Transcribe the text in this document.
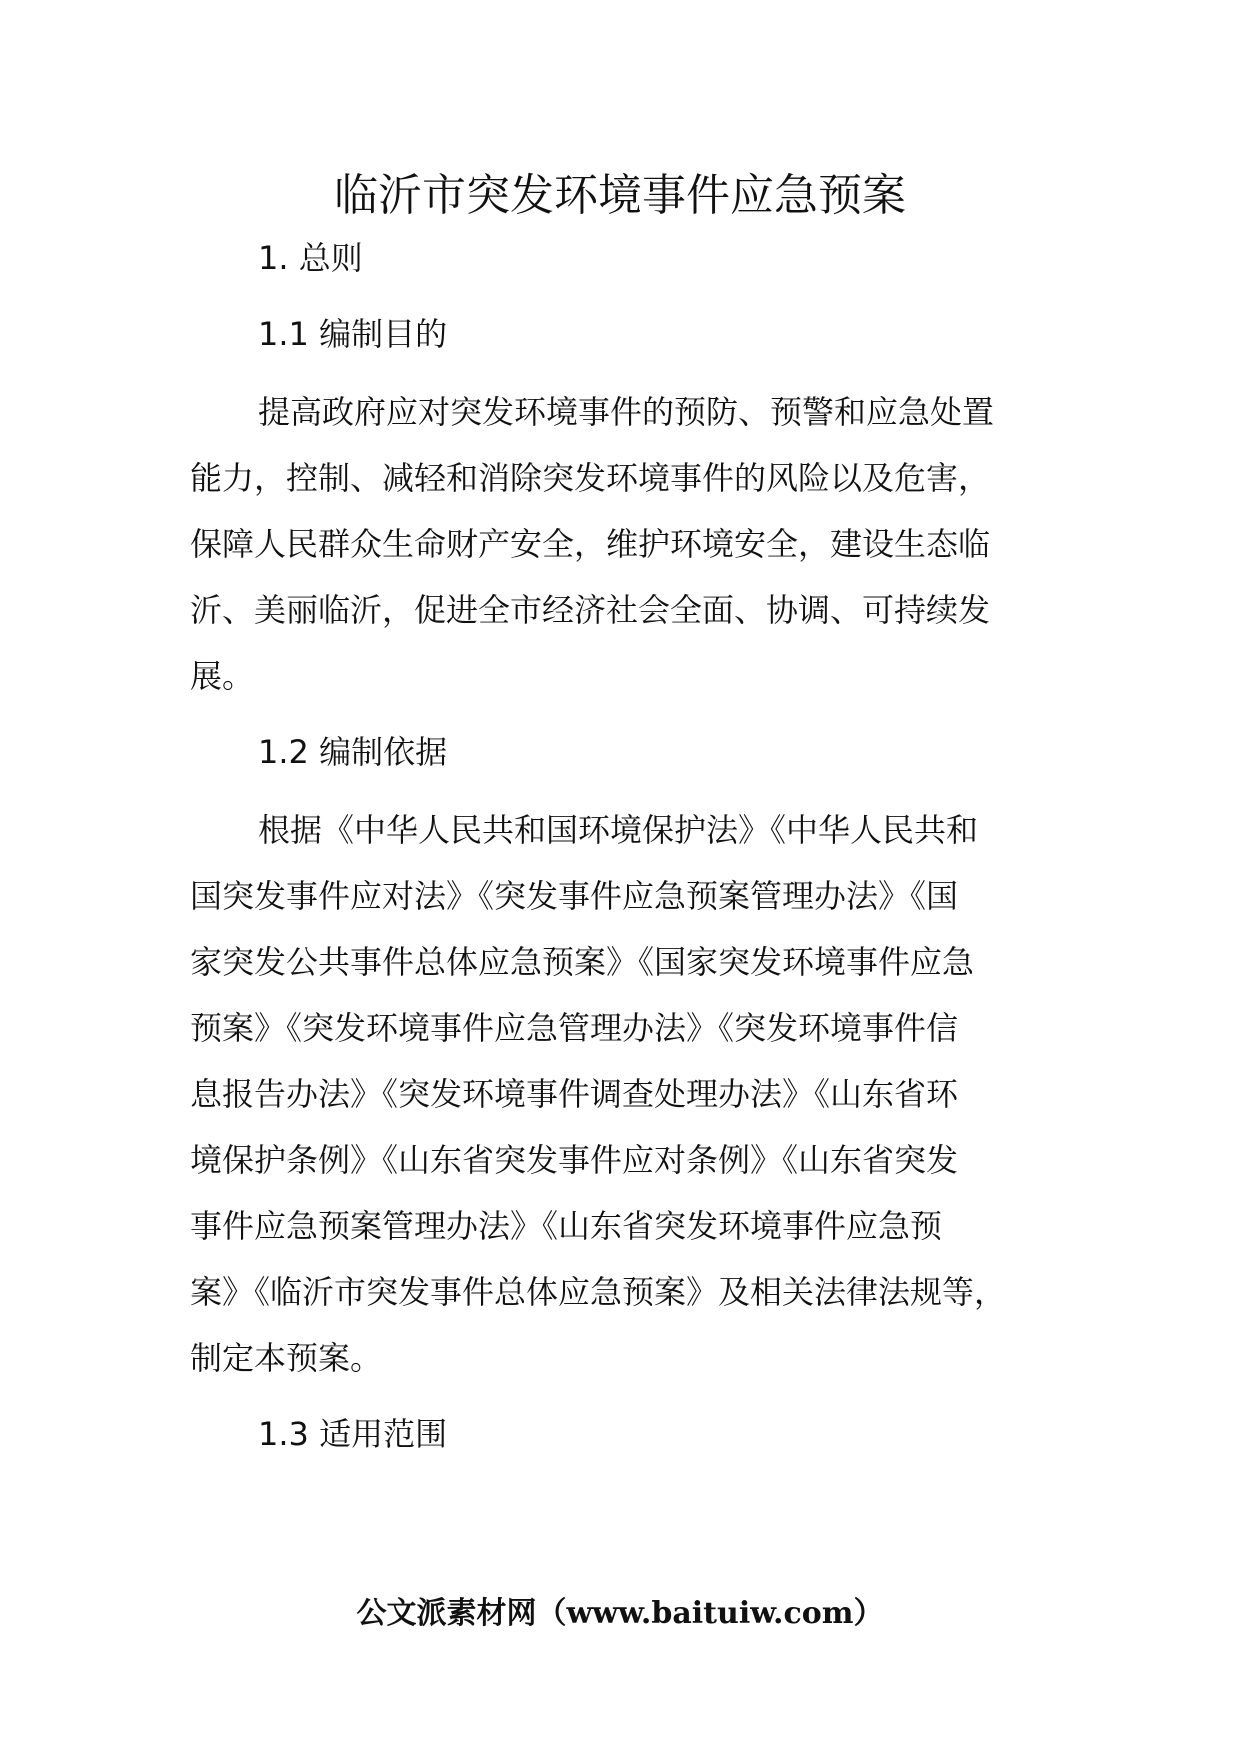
临沂市突发环境事件应急预案

1. 总则

1.1 编制目的

提高政府应对突发环境事件的预防、预警和应急处置

能力，控制、减轻和消除突发环境事件的风险以及危害，

保障人民群众生命财产安全，维护环境安全，建设生态临

沂、美丽临沂，促进全市经济社会全面、协调、可持续发

展。

1.2 编制依据

根据《中华人民共和国环境保护法》《中华人民共和

国突发事件应对法》《突发事件应急预案管理办法》《国

家突发公共事件总体应急预案》《国家突发环境事件应急

预案》《突发环境事件应急管理办法》《突发环境事件信

息报告办法》《突发环境事件调查处理办法》《山东省环

境保护条例》《山东省突发事件应对条例》《山东省突发

事件应急预案管理办法》《山东省突发环境事件应急预

案》《临沂市突发事件总体应急预案》及相关法律法规等，

制定本预案。

1.3 适用范围

公文派素材网（www.baituiw.com）
